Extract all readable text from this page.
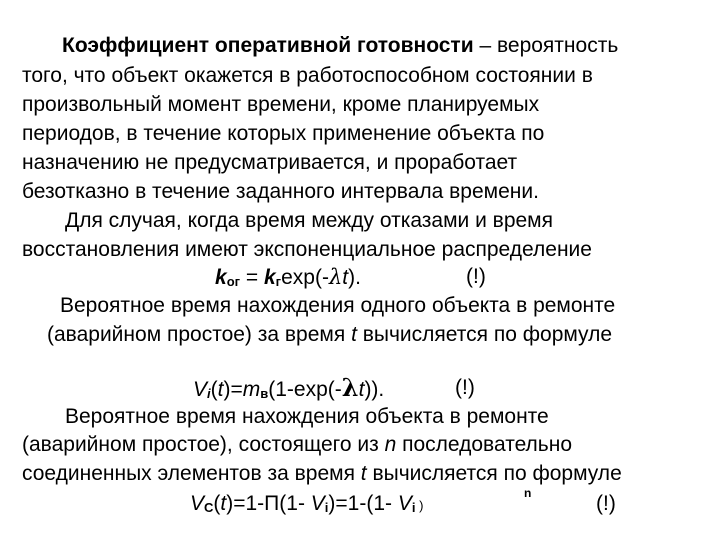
Коэффициент оперативной готовности – вероятность
того, что объект окажется в работоспособном состоянии в
произвольный момент времени, кроме планируемых
периодов, в течение которых применение объекта по
назначению не предусматривается, и проработает
безотказно в течение заданного интервала времени.
Для случая, когда время между отказами и время
восстановления имеют экспоненциальное распределение
kог = kгexp(-λt).	(!)
Вероятное время нахождения одного объекта в ремонте
(аварийном простое) за время t вычисляется по формуле
Vi(t)=mв(1-exp(-λt)).	(!)
Вероятное время нахождения объекта в ремонте
(аварийном простое), состоящего из n последовательно
соединенных элементов за время t вычисляется по формуле
VС(t)=1-П(1- Vi)=1-(1- Vi )
n	(!)
